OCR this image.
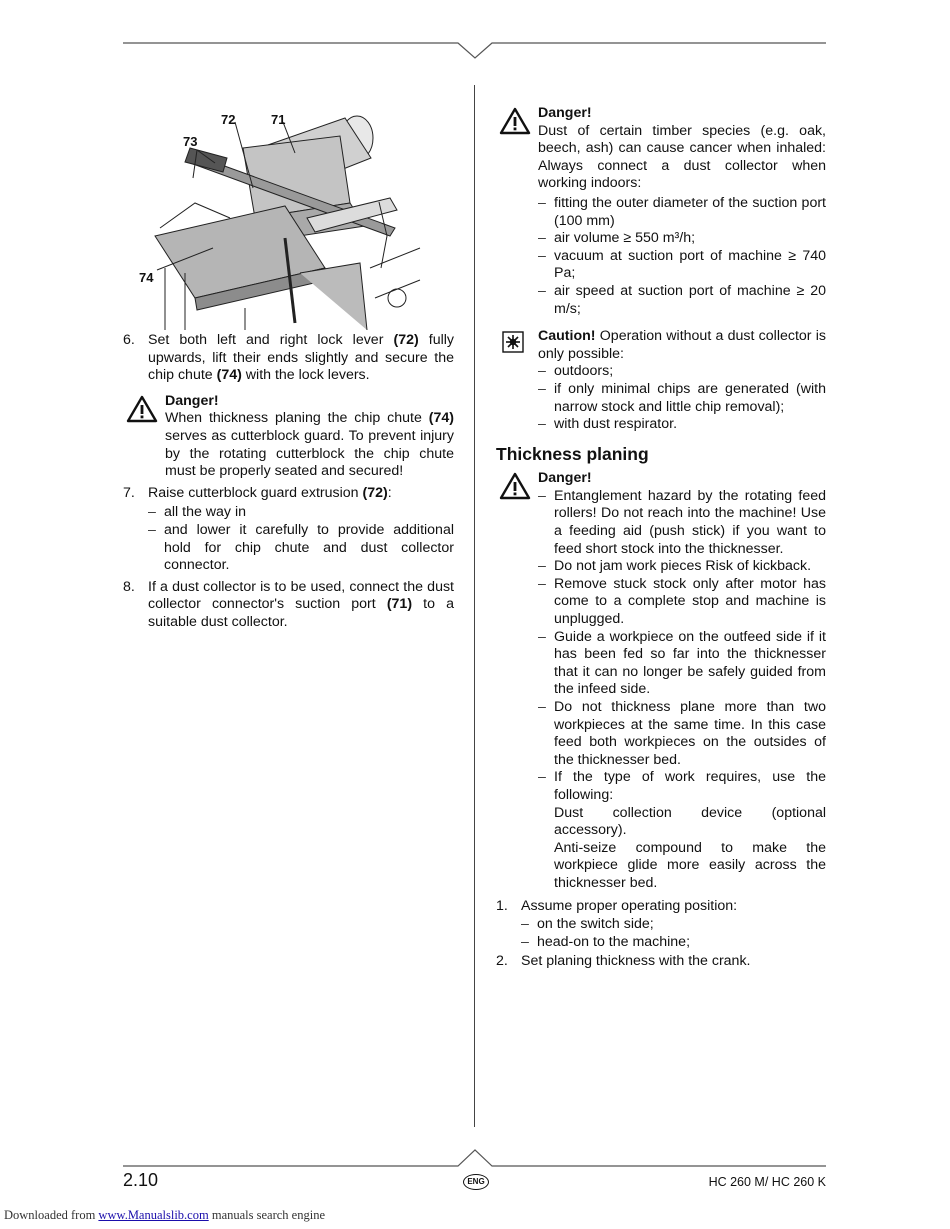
72	71
73
74
6. Set both left and right lock lever (72) fully upwards, lift their ends slightly and secure the chip chute (74) with the lock levers.

Danger!

When thickness planing the chip chute (74) serves as cutterblock guard. To prevent injury by the rotating cutterblock the chip chute must be properly seated and secured!

7. Raise cutterblock guard extrusion (72):

– all the way in
– and lower it carefully to provide additional hold for chip chute and dust collector connector.
8. If a dust collector is to be used, connect the dust collector connector's suction port (71) to a suitable dust collector.

Danger!

Dust of certain timber species (e.g. oak, beech, ash) can cause cancer when inhaled: Always connect a dust collector when working indoors:

– fitting the outer diameter of the suction port (100 mm)
– air volume ≥ 550 m³/h;
– vacuum at suction port of machine ≥ 740 Pa;
– air speed at suction port of machine ≥ 20 m/s;

Caution! Operation without a dust collector is only possible:

– outdoors;
– if only minimal chips are generated (with narrow stock and little chip removal);
– with dust respirator.
Thickness planing

Danger!

– Entanglement hazard by the rotating feed rollers! Do not reach into the machine! Use a feeding aid (push stick) if you want to feed short stock into the thicknesser.
– Do not jam work pieces Risk of kickback.
– Remove stuck stock only after motor has come to a complete stop and machine is unplugged.
– Guide a workpiece on the outfeed side if it has been fed so far into the thicknesser that it can no longer be safely guided from the infeed side.
– Do not thickness plane more than two workpieces at the same time. In this case feed both workpieces on the outsides of the thicknesser bed.
– If the type of work requires, use the following:

Dust collection device (optional accessory).

Anti-seize compound to make the workpiece glide more easily across the thicknesser bed.

1. Assume proper operating position:

– on the switch side;
– head-on to the machine;
2. Set planing thickness with the crank.

2.10	ENG	HC 260 M/ HC 260 K
Downloaded from www.Manualslib.com manuals search engine
